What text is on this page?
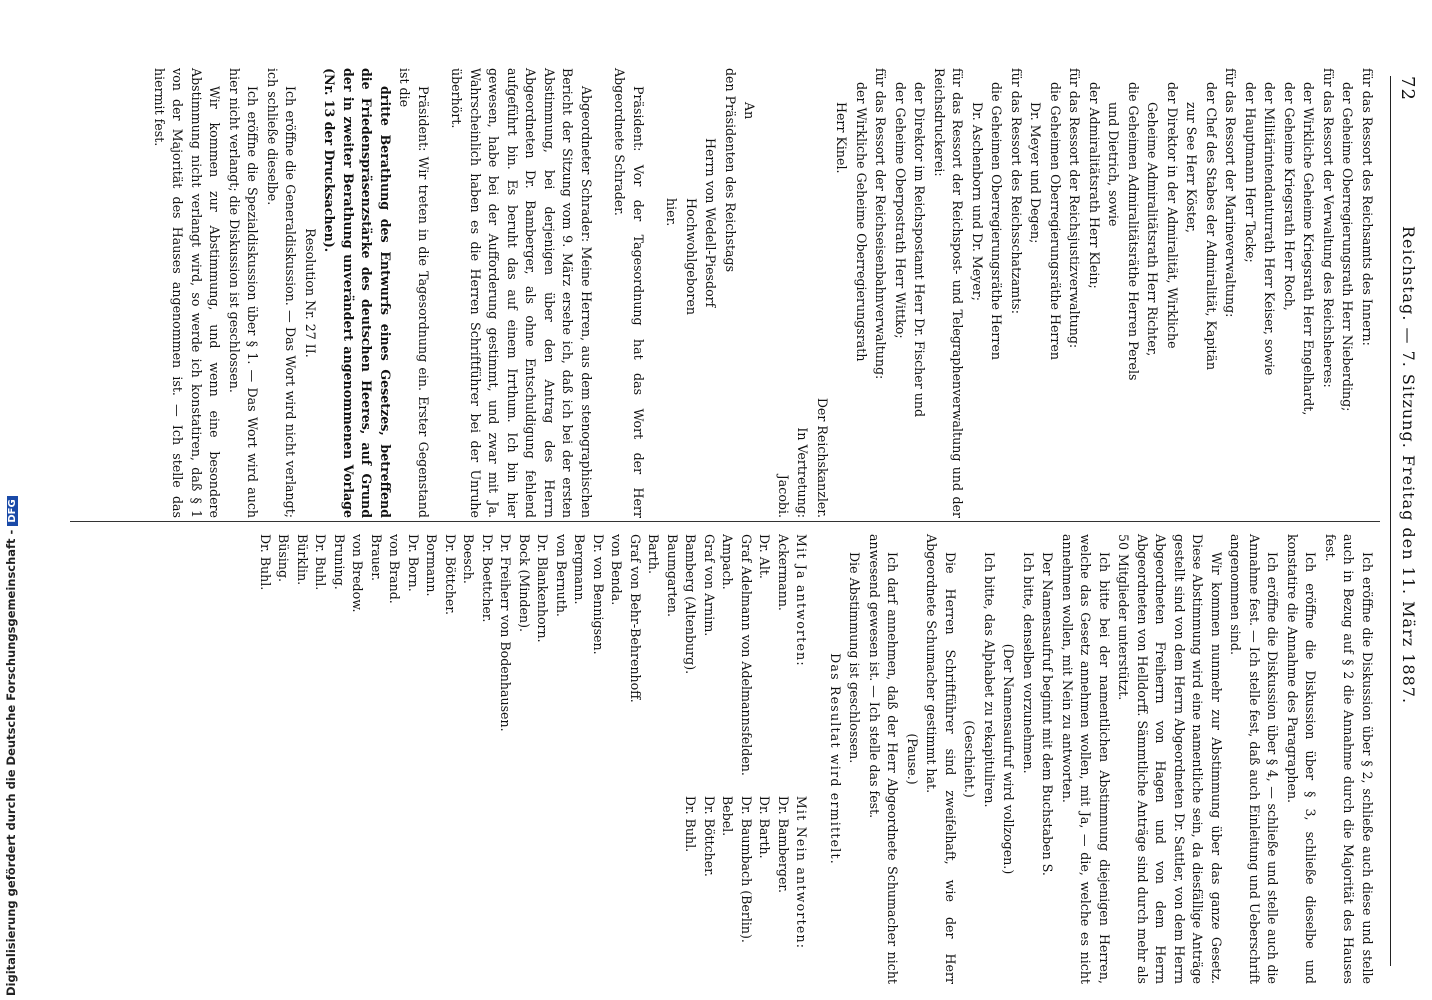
72
Reichstag. — 7. Sitzung. Freitag den 11. März 1887.

für das Ressort des Reichsamts des Innern:

der Geheime Oberregierungsrath Herr Nieberding;

für das Ressort der Verwaltung des Reichsheeres:

der Wirkliche Geheime Kriegsrath Herr Engelhardt,

der Geheime Kriegsrath Herr Roch,

der Militärintendanturrath Herr Keiser, sowie

der Hauptmann Herr Tacke;

für das Ressort der Marineverwaltung:

der Chef des Stabes der Admiralität, Kapitän

zur See Herr Köster,

der Direktor in der Admiralität, Wirkliche

Geheime Admiralitätsrath Herr Richter,

die Geheimen Admiralitätsräthe Herren Perels

und Dietrich, sowie

der Admiralitätsrath Herr Klein;

für das Ressort der Reichsjustizverwaltung:

die Geheimen Oberregierungsräthe Herren

Dr. Meyer und Degen;

für das Ressort des Reichsschatzamts:

die Geheimen Oberregierungsräthe Herren

Dr. Aschenborn und Dr. Meyer;

für das Ressort der Reichspost- und Telegraphenverwaltung und der Reichsdruckerei:

der Direktor im Reichspostamt Herr Dr. Fischer und

der Geheime Oberpostrath Herr Wittko;

für das Ressort der Reichseisenbahnverwaltung:

der Wirkliche Geheime Oberregierungsrath

Herr Kinel.

Der Reichskanzler.

In Vertretung:

Jacobi.

An

den Präsidenten des Reichstags

Herrn von Wedell-Piesdorf

Hochwohlgeboren

hier.

Präsident: Vor der Tagesordnung hat das Wort der Herr Abgeordnete Schrader.

Abgeordneter Schrader: Meine Herren, aus dem stenographischen Bericht der Sitzung vom 9. März ersehe ich, daß ich bei der ersten Abstimmung, bei derjenigen über den Antrag des Herrn Abgeordneten Dr. Bamberger, als ohne Entschuldigung fehlend aufgeführt bin. Es beruht das auf einem Irrthum. Ich bin hier gewesen, habe bei der Aufforderung gestimmt, und zwar mit Ja. Wahrscheinlich haben es die Herren Schriftführer bei der Unruhe überhört.

Präsident: Wir treten in die Tagesordnung ein. Erster Gegenstand ist die

dritte Berathung des Entwurfs eines Gesetzes, betreffend die Friedenspräsenzstärke des deutschen Heeres, auf Grund der in zweiter Berathung unverändert angenommenen Vorlage (Nr. 13 der Drucksachen).

Resolution Nr. 27 II.

Ich eröffne die Generaldiskussion. — Das Wort wird nicht verlangt; ich schließe dieselbe.

Ich eröffne die Spezialdiskussion über § 1. — Das Wort wird auch hier nicht verlangt; die Diskussion ist geschlossen.

Wir kommen zur Abstimmung, und wenn eine besondere Abstimmung nicht verlangt wird, so werde ich konstatiren, daß § 1 von der Majorität des Hauses angenommen ist. — Ich stelle das hiermit fest.

Ich eröffne die Diskussion über § 2, schließe auch diese und stelle auch in Bezug auf § 2 die Annahme durch die Majorität des Hauses fest.

Ich eröffne die Diskussion über § 3, schließe dieselbe und konstatire die Annahme des Paragraphen.

Ich eröffne die Diskussion über § 4, — schließe und stelle auch die Annahme fest. — Ich stelle fest, daß auch Einleitung und Ueberschrift angenommen sind.

Wir kommen nunmehr zur Abstimmung über das ganze Gesetz. Diese Abstimmung wird eine namentliche sein, da diesfällige Anträge gestellt sind von dem Herrn Abgeordneten Dr. Sattler, von dem Herrn Abgeordneten Freiherrn von Hagen und von dem Herrn Abgeordneten von Helldorff. Sämmtliche Anträge sind durch mehr als 50 Mitglieder unterstützt.

Ich bitte bei der namentlichen Abstimmung diejenigen Herren, welche das Gesetz annehmen wollen, mit Ja, — die, welche es nicht annehmen wollen, mit Nein zu antworten.

Der Namensaufruf beginnt mit dem Buchstaben S.

Ich bitte, denselben vorzunehmen.

(Der Namensaufruf wird vollzogen.)

Ich bitte, das Alphabet zu rekapituliren.

(Geschieht.)

Die Herren Schriftführer sind zweifelhaft, wie der Herr Abgeordnete Schumacher gestimmt hat.

(Pause.)

Ich darf annehmen, daß der Herr Abgeordnete Schumacher nicht anwesend gewesen ist. — Ich stelle das fest.

Die Abstimmung ist geschlossen.

Das Resultat wird ermittelt.

Mit Ja antworten:
Ackermann.
Dr. Alt.
Graf Adelmann von Adelmannsfelden.
Ampach.
Graf von Arnim.
Bamberg (Altenburg).
Baumgarten.
Barth.
Graf von Behr-Behrenhoff.
von Benda.
Dr. von Bennigsen.
Bergmann.
von Bernuth.
Dr. Blankenhorn.
Bock (Minden).
Dr. Freiherr von Bodenhausen.
Dr. Boettcher.
Boesch.
Dr. Böttcher.
Bormann.
Dr. Born.
von Brand.
Brauer.
von Bredow.
Bruning.
Dr. Buhl.
Bürklin.
Büsing.
Dr. Buhl.
Mit Nein antworten:
Dr. Bamberger.
Dr. Barth.
Dr. Baumbach (Berlin).
Bebel.
Dr. Böttcher.
Dr. Buhl.
Digitalisierung gefördert durch die Deutsche Forschungsgemeinschaft -DFG
